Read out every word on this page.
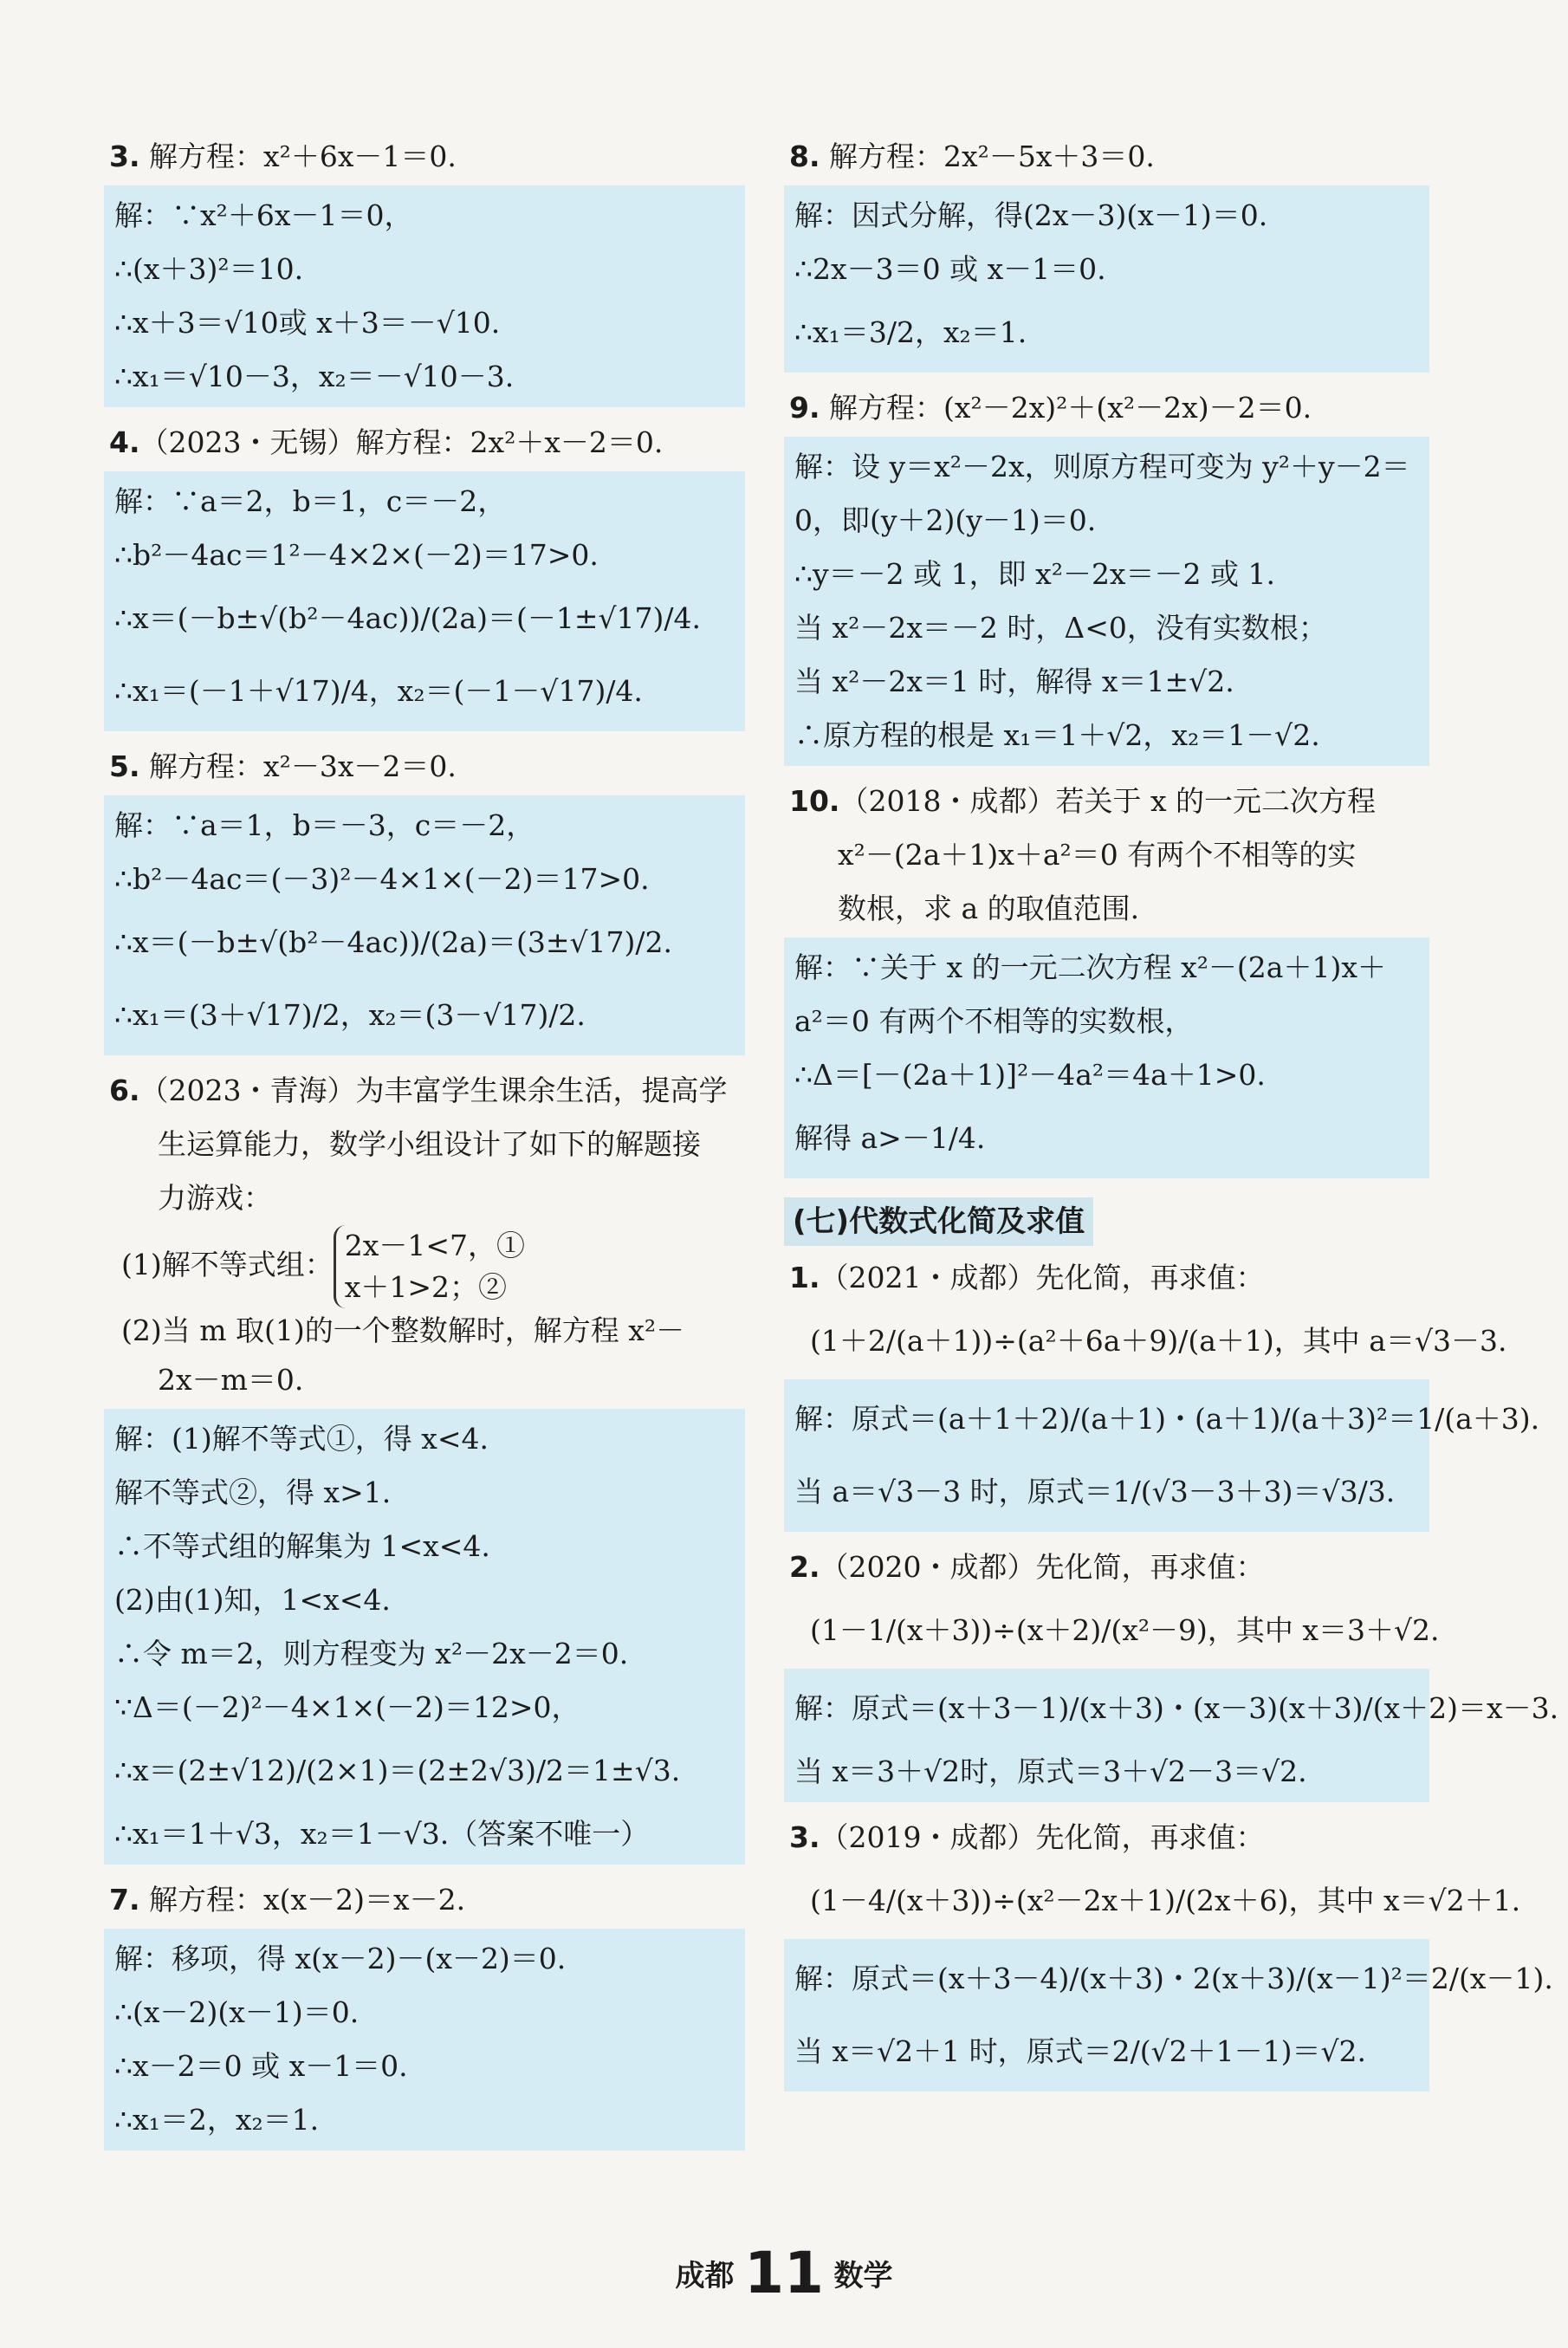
3. 解方程：x²＋6x－1＝0.
解：∵x²＋6x－1＝0，
∴(x＋3)²＝10.
∴x＋3＝√10或 x＋3＝－√10.
∴x₁＝√10－3，x₂＝－√10－3.
4.（2023・无锡）解方程：2x²＋x－2＝0.
解：∵a＝2，b＝1，c＝－2，
∴b²－4ac＝1²－4×2×(－2)＝17>0.
∴x＝(－b±√(b²－4ac))/(2a)＝(－1±√17)/4.
∴x₁＝(－1＋√17)/4，x₂＝(－1－√17)/4.
5. 解方程：x²－3x－2＝0.
解：∵a＝1，b＝－3，c＝－2，
∴b²－4ac＝(－3)²－4×1×(－2)＝17>0.
∴x＝(－b±√(b²－4ac))/(2a)＝(3±√17)/2.
∴x₁＝(3＋√17)/2，x₂＝(3－√17)/2.
6.（2023・青海）为丰富学生课余生活，提高学
生运算能力，数学小组设计了如下的解题接
力游戏：
(1)解不等式组：
2x－1<7，①
x＋1>2；②
(2)当 m 取(1)的一个整数解时，解方程 x²－
2x－m＝0.
解：(1)解不等式①，得 x<4.
解不等式②，得 x>1.
∴不等式组的解集为 1<x<4.
(2)由(1)知，1<x<4.
∴令 m＝2，则方程变为 x²－2x－2＝0.
∵Δ＝(－2)²－4×1×(－2)＝12>0，
∴x＝(2±√12)/(2×1)＝(2±2√3)/2＝1±√3.
∴x₁＝1＋√3，x₂＝1－√3.（答案不唯一）
7. 解方程：x(x－2)＝x－2.
解：移项，得 x(x－2)－(x－2)＝0.
∴(x－2)(x－1)＝0.
∴x－2＝0 或 x－1＝0.
∴x₁＝2，x₂＝1.
8. 解方程：2x²－5x＋3＝0.
解：因式分解，得(2x－3)(x－1)＝0.
∴2x－3＝0 或 x－1＝0.
∴x₁＝3/2，x₂＝1.
9. 解方程：(x²－2x)²＋(x²－2x)－2＝0.
解：设 y＝x²－2x，则原方程可变为 y²＋y－2＝
0，即(y＋2)(y－1)＝0.
∴y＝－2 或 1，即 x²－2x＝－2 或 1.
当 x²－2x＝－2 时，Δ<0，没有实数根；
当 x²－2x＝1 时，解得 x＝1±√2.
∴原方程的根是 x₁＝1＋√2，x₂＝1－√2.
10.（2018・成都）若关于 x 的一元二次方程
x²－(2a＋1)x＋a²＝0 有两个不相等的实
数根，求 a 的取值范围.
解：∵关于 x 的一元二次方程 x²－(2a＋1)x＋
a²＝0 有两个不相等的实数根，
∴Δ＝[－(2a＋1)]²－4a²＝4a＋1>0.
解得 a>－1/4.
(七)代数式化简及求值
1.（2021・成都）先化简，再求值：
(1＋2/(a＋1))÷(a²＋6a＋9)/(a＋1)，其中 a＝√3－3.
解：原式＝(a＋1＋2)/(a＋1)・(a＋1)/(a＋3)²＝1/(a＋3).
当 a＝√3－3 时，原式＝1/(√3－3＋3)＝√3/3.
2.（2020・成都）先化简，再求值：
(1－1/(x＋3))÷(x＋2)/(x²－9)，其中 x＝3＋√2.
解：原式＝(x＋3－1)/(x＋3)・(x－3)(x＋3)/(x＋2)＝x－3.
当 x＝3＋√2时，原式＝3＋√2－3＝√2.
3.（2019・成都）先化简，再求值：
(1－4/(x＋3))÷(x²－2x＋1)/(2x＋6)，其中 x＝√2＋1.
解：原式＝(x＋3－4)/(x＋3)・2(x＋3)/(x－1)²＝2/(x－1).
当 x＝√2＋1 时，原式＝2/(√2＋1－1)＝√2.
成都 11 数学
